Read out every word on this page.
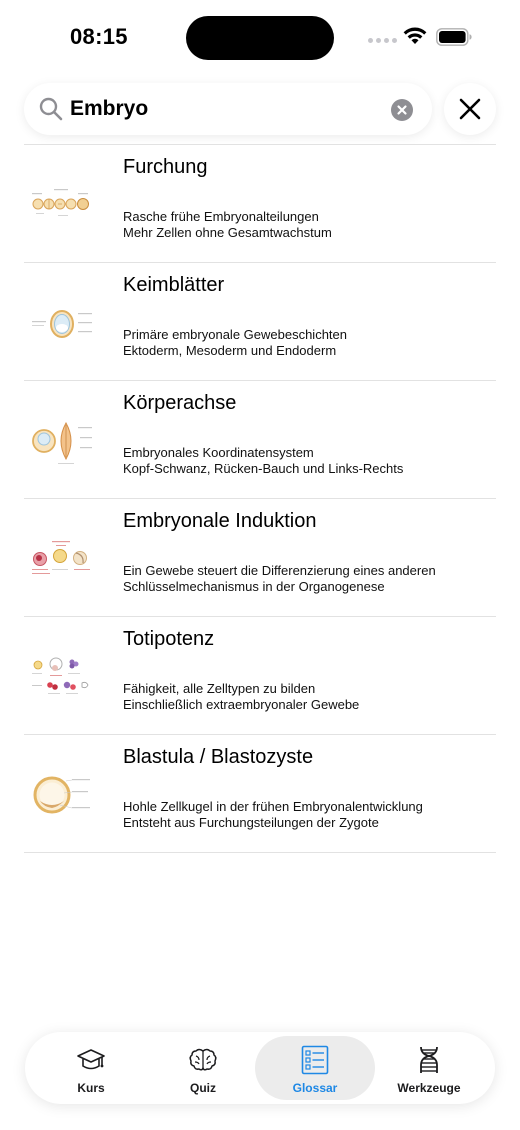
08:15
Embryo
Furchung
Rasche frühe Embryonalteilungen
Mehr Zellen ohne Gesamtwachstum
Keimblätter
Primäre embryonale Gewebeschichten
Ektoderm, Mesoderm und Endoderm
Körperachse
Embryonales Koordinatensystem
Kopf-Schwanz, Rücken-Bauch und Links-Rechts
Embryonale Induktion
Ein Gewebe steuert die Differenzierung eines anderen
Schlüsselmechanismus in der Organogenese
Totipotenz
Fähigkeit, alle Zelltypen zu bilden
Einschließlich extraembryonaler Gewebe
Blastula / Blastozyste
Hohle Zellkugel in der frühen Embryonalentwicklung
Entsteht aus Furchungsteilungen der Zygote
Kurs	Quiz	Glossar	Werkzeuge
